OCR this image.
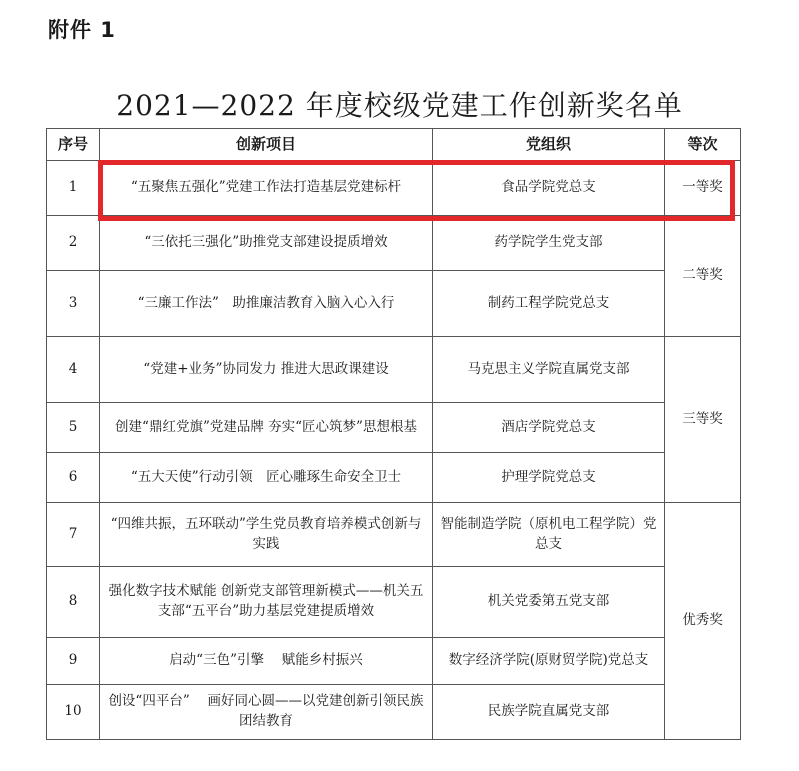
附件 1
2021—2022 年度校级党建工作创新奖名单
序号	创新项目	党组织	等次
1	“五聚焦五强化”党建工作法打造基层党建标杆	食品学院党总支	一等奖
2	“三依托三强化”助推党支部建设提质增效	药学院学生党支部	二等奖
3	“三廉工作法”　助推廉洁教育入脑入心入行	制药工程学院党总支	
4	“党建+业务”协同发力 推进大思政课建设	马克思主义学院直属党支部	三等奖
5	创建“鼎红党旗”党建品牌 夯实“匠心筑梦”思想根基	酒店学院党总支	
6	“五大天使”行动引领　匠心雕琢生命安全卫士	护理学院党总支	
7	“四维共振，五环联动”学生党员教育培养模式创新与实践	智能制造学院（原机电工程学院）党总支	优秀奖
8	强化数字技术赋能 创新党支部管理新模式——机关五支部“五平台”助力基层党建提质增效	机关党委第五党支部	
9	启动“三色”引擎　 赋能乡村振兴	数字经济学院(原财贸学院)党总支	
10	创设“四平台”　 画好同心圆——以党建创新引领民族团结教育	民族学院直属党支部	
